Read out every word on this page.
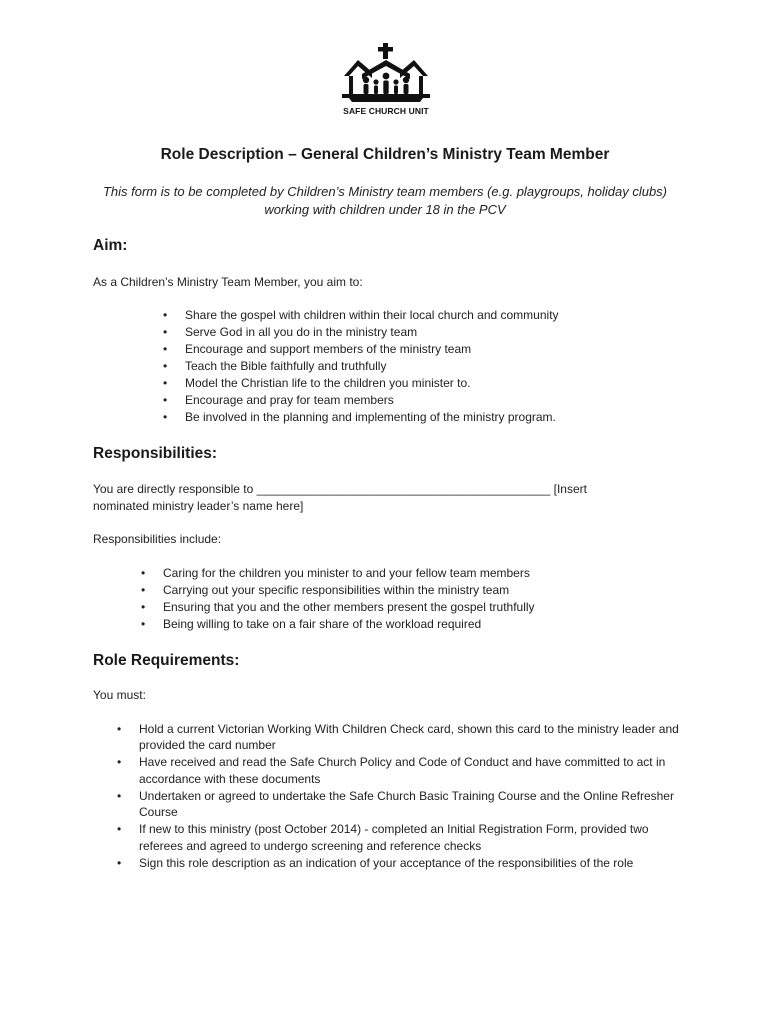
SAFE CHURCH UNIT
Role Description – General Children’s Ministry Team Member
This form is to be completed by Children’s Ministry team members (e.g. playgroups, holiday clubs) working with children under 18 in the PCV
Aim:
As a Children’s Ministry Team Member, you aim to:
• Share the gospel with children within their local church and community
• Serve God in all you do in the ministry team
• Encourage and support members of the ministry team
• Teach the Bible faithfully and truthfully
• Model the Christian life to the children you minister to.
• Encourage and pray for team members
• Be involved in the planning and implementing of the ministry program.
Responsibilities:
You are directly responsible to ____________________________________________ [Insert nominated ministry leader’s name here]
Responsibilities include:
• Caring for the children you minister to and your fellow team members
• Carrying out your specific responsibilities within the ministry team
• Ensuring that you and the other members present the gospel truthfully
• Being willing to take on a fair share of the workload required
Role Requirements:
You must:
• Hold a current Victorian Working With Children Check card, shown this card to the ministry leader and provided the card number
• Have received and read the Safe Church Policy and Code of Conduct and have committed to act in accordance with these documents
• Undertaken or agreed to undertake the Safe Church Basic Training Course and the Online Refresher Course
• If new to this ministry (post October 2014) - completed an Initial Registration Form, provided two referees and agreed to undergo screening and reference checks
• Sign this role description as an indication of your acceptance of the responsibilities of the role
